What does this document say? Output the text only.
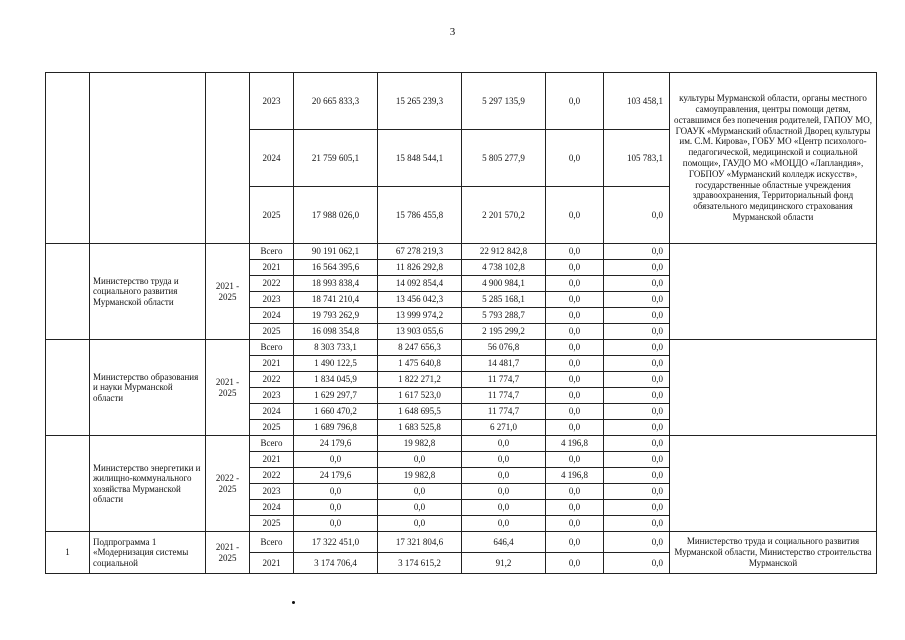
3
			2023	20 665 833,3	15 265 239,3	5 297 135,9	0,0	103 458,1	культуры Мурманской области, органы местного самоуправления, центры помощи детям, оставшимся без попечения родителей, ГАПОУ МО, ГОАУК «Мурманский областной Дворец культуры им. С.М. Кирова», ГОБУ МО «Центр психолого-педагогической, медицинской и социальной помощи», ГАУДО МО «МОЦДО «Лапландия», ГОБПОУ «Мурманский колледж искусств», государственные областные учреждения здравоохранения, Территориальный фонд обязательного медицинского страхования Мурманской области
			2024	21 759 605,1	15 848 544,1	5 805 277,9	0,0	105 783,1	
			2025	17 988 026,0	15 786 455,8	2 201 570,2	0,0	0,0	
	Министерство труда и социального развития Мурманской области	2021 - 2025	Всего	90 191 062,1	67 278 219,3	22 912 842,8	0,0	0,0	
			2021	16 564 395,6	11 826 292,8	4 738 102,8	0,0	0,0	
			2022	18 993 838,4	14 092 854,4	4 900 984,1	0,0	0,0	
			2023	18 741 210,4	13 456 042,3	5 285 168,1	0,0	0,0	
			2024	19 793 262,9	13 999 974,2	5 793 288,7	0,0	0,0	
			2025	16 098 354,8	13 903 055,6	2 195 299,2	0,0	0,0	
	Министерство образования и науки Мурманской области	2021 - 2025	Всего	8 303 733,1	8 247 656,3	56 076,8	0,0	0,0	
			2021	1 490 122,5	1 475 640,8	14 481,7	0,0	0,0	
			2022	1 834 045,9	1 822 271,2	11 774,7	0,0	0,0	
			2023	1 629 297,7	1 617 523,0	11 774,7	0,0	0,0	
			2024	1 660 470,2	1 648 695,5	11 774,7	0,0	0,0	
			2025	1 689 796,8	1 683 525,8	6 271,0	0,0	0,0	
	Министерство энергетики и жилищно-коммунального хозяйства Мурманской области	2022 - 2025	Всего	24 179,6	19 982,8	0,0	4 196,8	0,0	
			2021	0,0	0,0	0,0	0,0	0,0	
			2022	24 179,6	19 982,8	0,0	4 196,8	0,0	
			2023	0,0	0,0	0,0	0,0	0,0	
			2024	0,0	0,0	0,0	0,0	0,0	
			2025	0,0	0,0	0,0	0,0	0,0	
1	Подпрограмма 1 «Модернизация системы социальной	2021 - 2025	Всего	17 322 451,0	17 321 804,6	646,4	0,0	0,0	Министерство труда и социального развития Мурманской области, Министерство строительства Мурманской
			2021	3 174 706,4	3 174 615,2	91,2	0,0	0,0	
